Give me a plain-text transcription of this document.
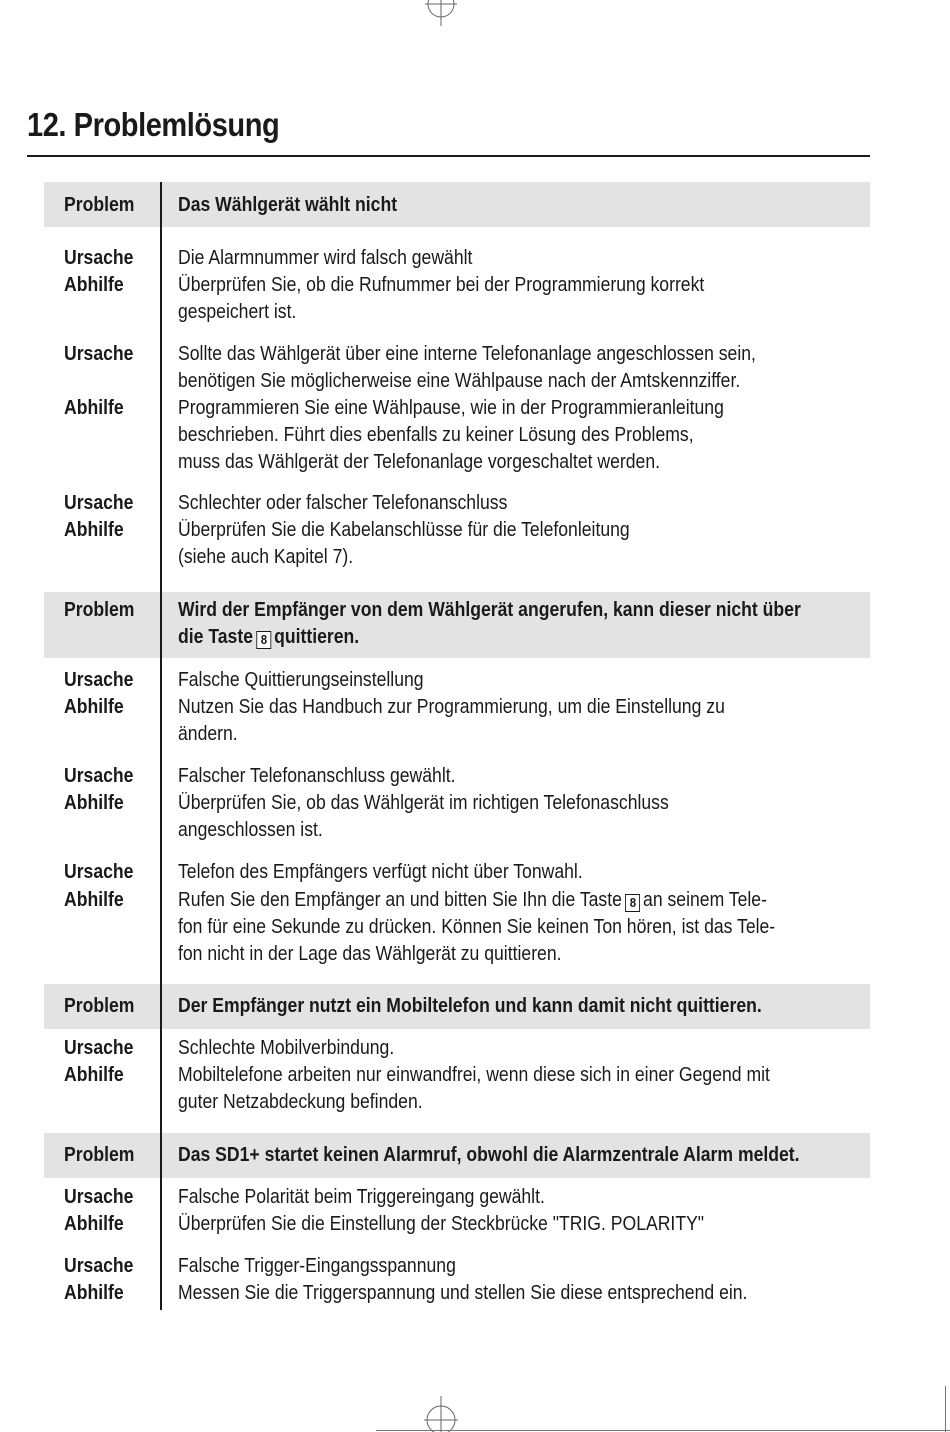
12. Problemlösung
Problem Das Wählgerät wählt nicht
Ursache
Abhilfe
Die Alarmnummer wird falsch gewählt
Überprüfen Sie, ob die Rufnummer bei der Programmierung korrekt
gespeichert ist.
Ursache Sollte das Wählgerät über eine interne Telefonanlage angeschlossen sein,
benötigen Sie möglicherweise eine Wählpause nach der Amtskennziffer.
Abhilfe	Programmieren Sie eine Wählpause, wie in der Programmieranleitung
beschrieben. Führt dies ebenfalls zu keiner Lösung des Problems,
muss das Wählgerät der Telefonanlage vorgeschaltet werden.
Ursache
Abhilfe
Schlechter oder falscher Telefonanschluss
Überprüfen Sie die Kabelanschlüsse für die Telefonleitung
(siehe auch Kapitel 7).
Problem Wird der Empfänger von dem Wählgerät angerufen, kann dieser nicht über
die Taste 8 quittieren.
Ursache
Abhilfe
Falsche Quittierungseinstellung
Nutzen Sie das Handbuch zur Programmierung, um die Einstellung zu
ändern.
Ursache
Abhilfe
Falscher Telefonanschluss gewählt.
Überprüfen Sie, ob das Wählgerät im richtigen Telefonaschluss
angeschlossen ist.
Ursache
Abhilfe
Telefon des Empfängers verfügt nicht über Tonwahl.
Rufen Sie den Empfänger an und bitten Sie Ihn die Taste 8 an seinem Tele-
fon für eine Sekunde zu drücken. Können Sie keinen Ton hören, ist das Tele-
fon nicht in der Lage das Wählgerät zu quittieren.
Problem Der Empfänger nutzt ein Mobiltelefon und kann damit nicht quittieren.
Ursache
Abhilfe
Schlechte Mobilverbindung.
Mobiltelefone arbeiten nur einwandfrei, wenn diese sich in einer Gegend mit
guter Netzabdeckung befinden.
Problem Das SD1+ startet keinen Alarmruf, obwohl die Alarmzentrale Alarm meldet.
Ursache
Abhilfe
Falsche Polarität beim Triggereingang gewählt.
Überprüfen Sie die Einstellung der Steckbrücke "TRIG. POLARITY"
Ursache
Abhilfe
Falsche Trigger-Eingangsspannung
Messen Sie die Triggerspannung und stellen Sie diese entsprechend ein.
